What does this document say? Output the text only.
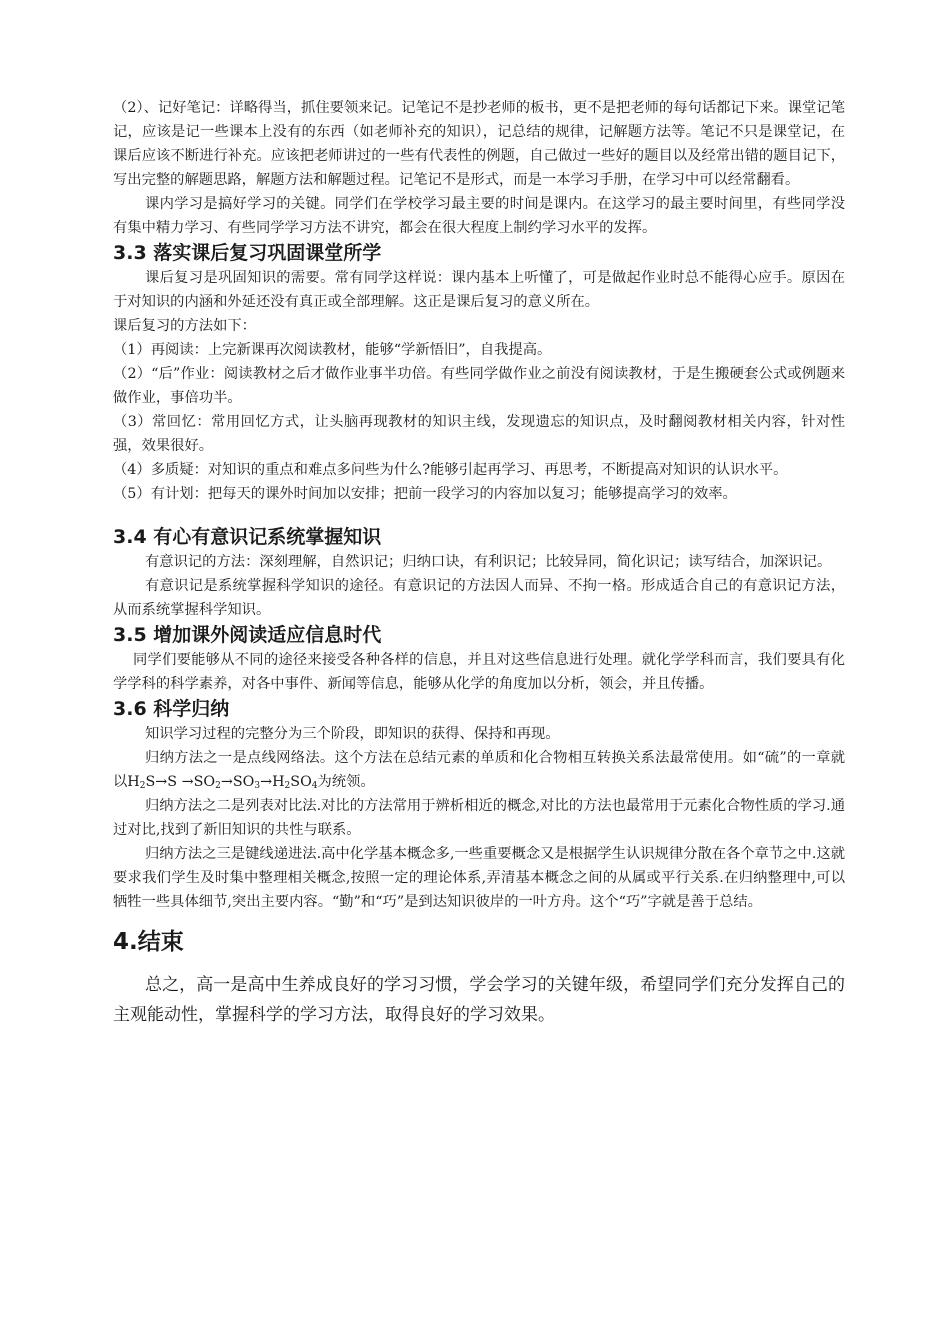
（2）、记好笔记：详略得当，抓住要领来记。记笔记不是抄老师的板书，更不是把老师的每句话都记下来。课堂记笔记，应该是记一些课本上没有的东西（如老师补充的知识），记总结的规律，记解题方法等。笔记不只是课堂记，在课后应该不断进行补充。应该把老师讲过的一些有代表性的例题，自己做过一些好的题目以及经常出错的题目记下，写出完整的解题思路，解题方法和解题过程。记笔记不是形式，而是一本学习手册，在学习中可以经常翻看。

课内学习是搞好学习的关键。同学们在学校学习最主要的时间是课内。在这学习的最主要时间里，有些同学没有集中精力学习、有些同学学习方法不讲究，都会在很大程度上制约学习水平的发挥。

3.3 落实课后复习巩固课堂所学

课后复习是巩固知识的需要。常有同学这样说：课内基本上听懂了，可是做起作业时总不能得心应手。原因在于对知识的内涵和外延还没有真正或全部理解。这正是课后复习的意义所在。

课后复习的方法如下：

（1）再阅读：上完新课再次阅读教材，能够“学新悟旧”，自我提高。

（2）“后”作业：阅读教材之后才做作业事半功倍。有些同学做作业之前没有阅读教材，于是生搬硬套公式或例题来做作业，事倍功半。

（3）常回忆：常用回忆方式，让头脑再现教材的知识主线，发现遗忘的知识点，及时翻阅教材相关内容，针对性强，效果很好。

（4）多质疑：对知识的重点和难点多问些为什么?能够引起再学习、再思考，不断提高对知识的认识水平。

（5）有计划：把每天的课外时间加以安排；把前一段学习的内容加以复习；能够提高学习的效率。

3.4 有心有意识记系统掌握知识

有意识记的方法：深刻理解，自然识记；归纳口诀，有利识记；比较异同，简化识记；读写结合，加深识记。

有意识记是系统掌握科学知识的途径。有意识记的方法因人而异、不拘一格。形成适合自己的有意识记方法，从而系统掌握科学知识。

3.5 增加课外阅读适应信息时代

同学们要能够从不同的途径来接受各种各样的信息，并且对这些信息进行处理。就化学学科而言，我们要具有化学学科的科学素养，对各中事件、新闻等信息，能够从化学的角度加以分析，领会，并且传播。

3.6 科学归纳

知识学习过程的完整分为三个阶段，即知识的获得、保持和再现。

归纳方法之一是点线网络法。这个方法在总结元素的单质和化合物相互转换关系法最常使用。如“硫”的一章就以$H_2S\to S \to SO_2\to SO_3\to H_2SO_4$为统领。

归纳方法之二是列表对比法.对比的方法常用于辨析相近的概念,对比的方法也最常用于元素化合物性质的学习.通过对比,找到了新旧知识的共性与联系。

归纳方法之三是键线递进法.高中化学基本概念多,一些重要概念又是根据学生认识规律分散在各个章节之中.这就要求我们学生及时集中整理相关概念,按照一定的理论体系,弄清基本概念之间的从属或平行关系.在归纳整理中,可以牺牲一些具体细节,突出主要内容。“勤”和“巧”是到达知识彼岸的一叶方舟。这个“巧”字就是善于总结。

4.结束

总之，高一是高中生养成良好的学习习惯，学会学习的关键年级，希望同学们充分发挥自己的主观能动性，掌握科学的学习方法，取得良好的学习效果。
